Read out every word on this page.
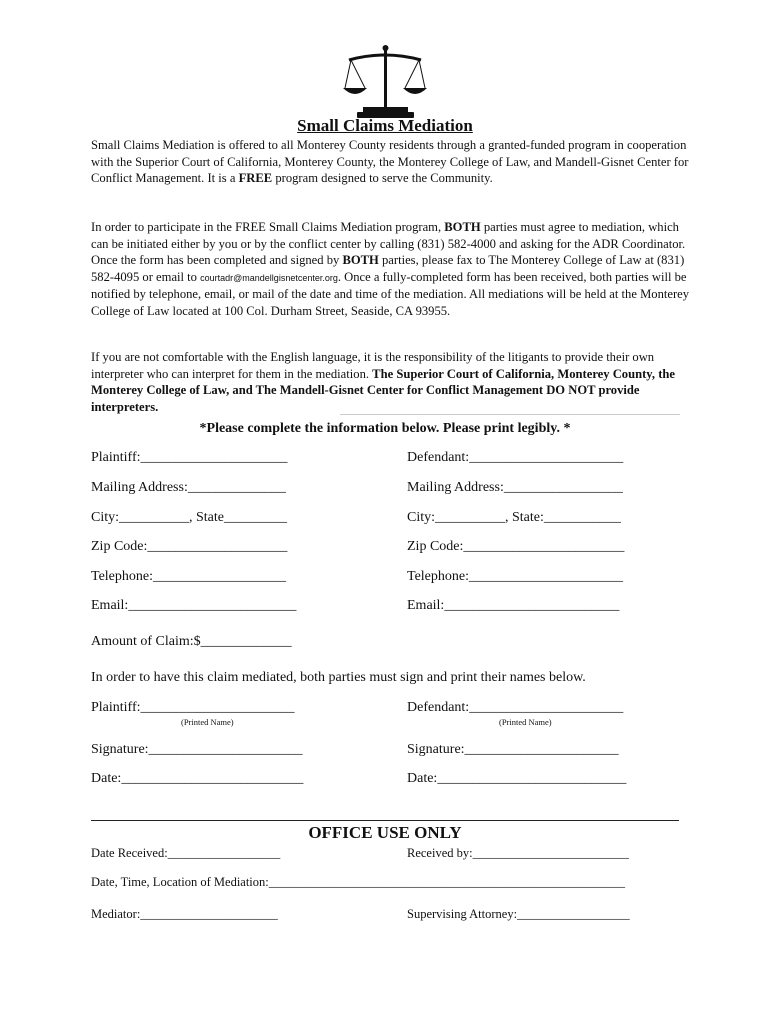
Small Claims Mediation
Small Claims Mediation is offered to all Monterey County residents through a granted-funded program in cooperation with the Superior Court of California, Monterey County, the Monterey College of Law, and Mandell-Gisnet Center for Conflict Management. It is a FREE program designed to serve the Community.
In order to participate in the FREE Small Claims Mediation program, BOTH parties must agree to mediation, which can be initiated either by you or by the conflict center by calling (831) 582-4000 and asking for the ADR Coordinator. Once the form has been completed and signed by BOTH parties, please fax to The Monterey College of Law at (831) 582-4095 or email to courtadr@mandellgisnetcenter.org. Once a fully-completed form has been received, both parties will be notified by telephone, email, or mail of the date and time of the mediation. All mediations will be held at the Monterey College of Law located at 100 Col. Durham Street, Seaside, CA 93955.
If you are not comfortable with the English language, it is the responsibility of the litigants to provide their own interpreter who can interpret for them in the mediation. The Superior Court of California, Monterey County, the Monterey College of Law, and The Mandell-Gisnet Center for Conflict Management DO NOT provide interpreters.
*Please complete the information below. Please print legibly. *
Plaintiff:_____________________
Mailing Address:______________
City:__________, State_________
Zip Code:____________________
Telephone:___________________
Email:________________________
Defendant:______________________
Mailing Address:_________________
City:__________, State:___________
Zip Code:_______________________
Telephone:______________________
Email:_________________________
Amount of Claim:$_____________
In order to have this claim mediated, both parties must sign and print their names below.
Plaintiff:______________________	Defendant:______________________
(Printed Name)	(Printed Name)
Signature:______________________	Signature:______________________
Date:__________________________	Date:___________________________
OFFICE USE ONLY
Date Received:__________________	Received by:_________________________
Date, Time, Location of Mediation:_________________________________________________________
Mediator:______________________	Supervising Attorney:__________________
